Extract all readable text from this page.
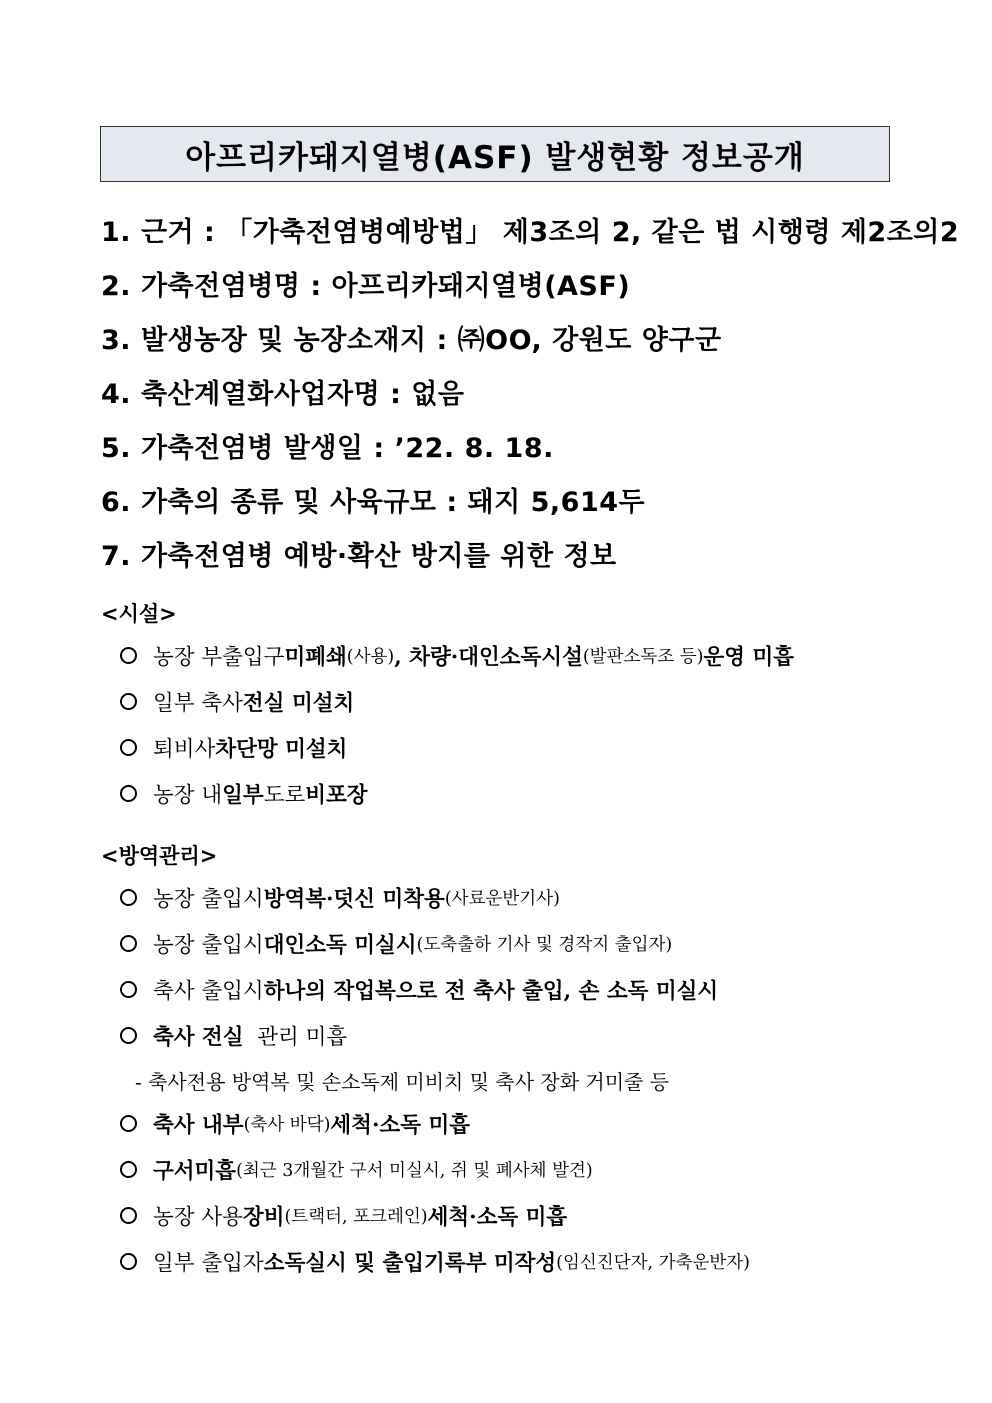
아프리카돼지열병(ASF) 발생현황 정보공개
1. 근거 : 「가축전염병예방법」 제3조의 2, 같은 법 시행령 제2조의2
2. 가축전염병명 : 아프리카돼지열병(ASF)
3. 발생농장 및 농장소재지 : ㈜OO, 강원도 양구군
4. 축산계열화사업자명 : 없음
5. 가축전염병 발생일 : ’22. 8. 18.
6. 가축의 종류 및 사육규모 : 돼지 5,614두
7. 가축전염병 예방·확산 방지를 위한 정보
<시설>
농장 부출입구 미폐쇄 (사용) , 차량·대인소독시설 (발판소독조 등) 운영 미흡
일부 축사 전실 미설치
퇴비사 차단망 미설치
농장 내 일부 도로 비포장
<방역관리>
농장 출입시 방역복·덧신 미착용 (사료운반기사)
농장 출입시 대인소독 미실시 (도축출하 기사 및 경작지 출입자)
축사 출입시 하나의 작업복으로 전 축사 출입, 손 소독 미실시
축사 전실 관리 미흡
- 축사전용 방역복 및 손소독제 미비치 및 축사 장화 거미줄 등
축사 내부 (축사 바닥) 세척·소독 미흡
구서미흡 (최근 3개월간 구서 미실시, 쥐 및 폐사체 발견)
농장 사용 장비 (트랙터, 포크레인) 세척·소독 미흡
일부 출입자 소독실시 및 출입기록부 미작성 (임신진단자, 가축운반자)
